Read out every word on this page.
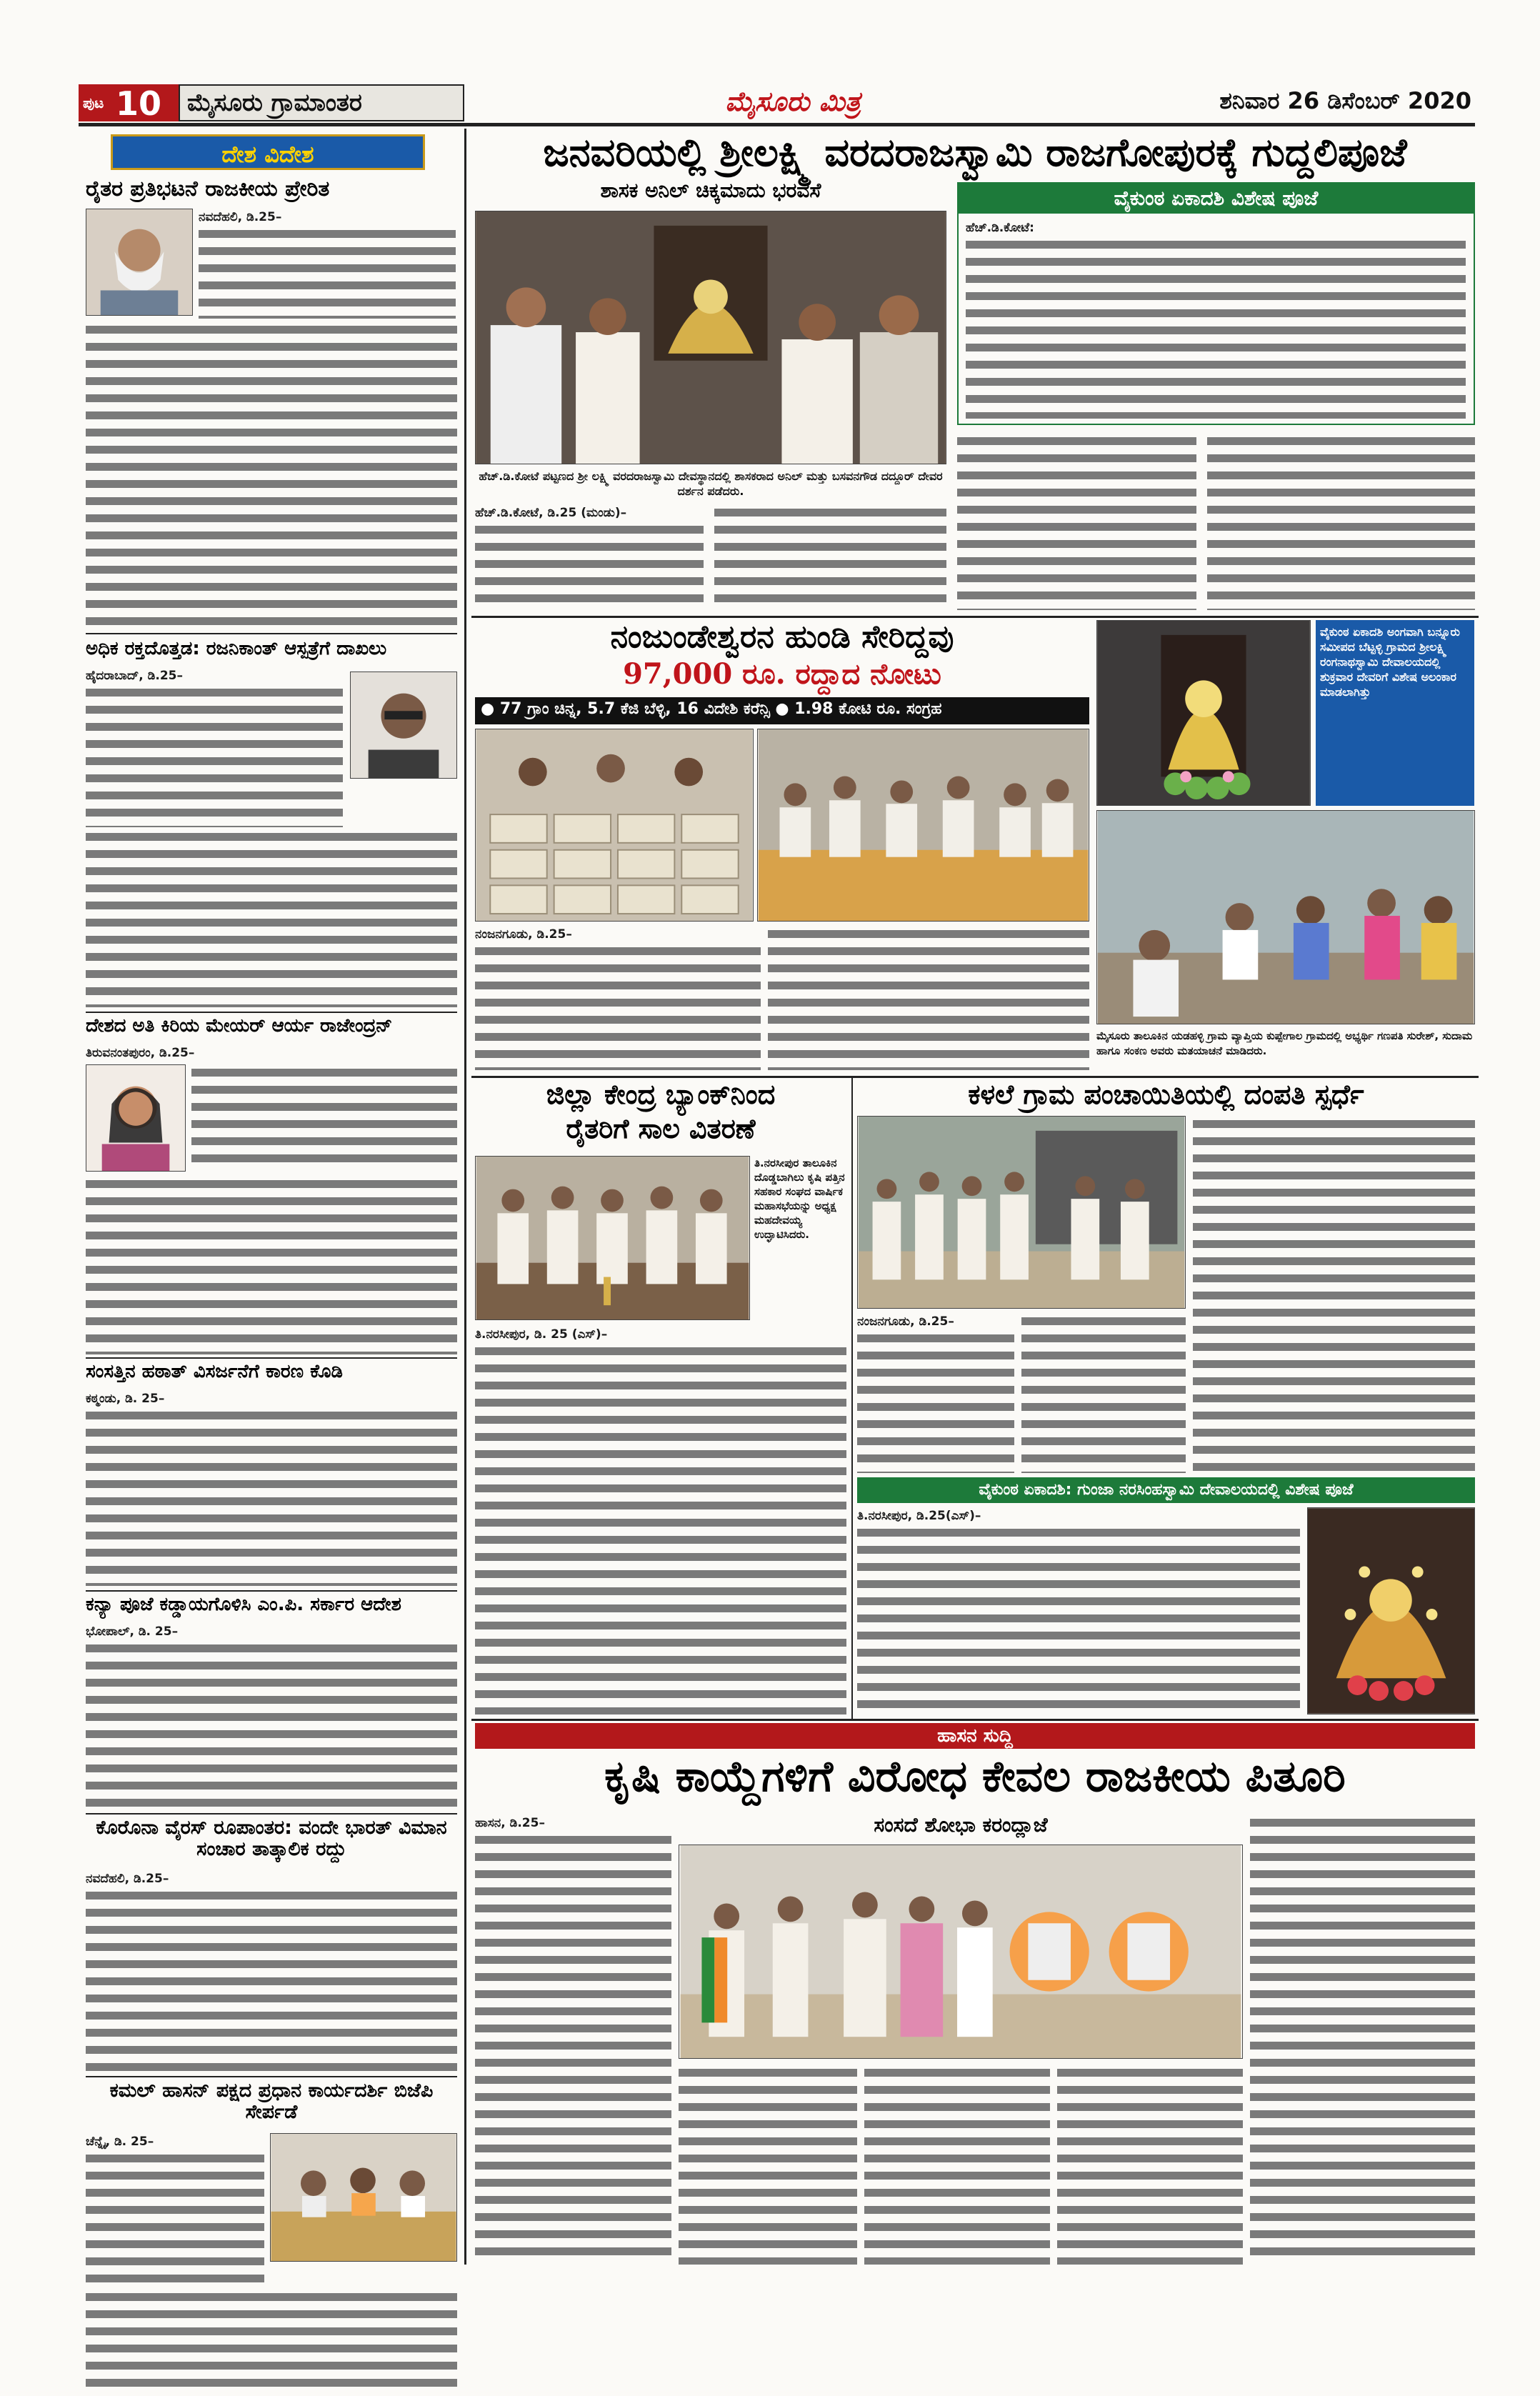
ಪುಟ 10 ಮೈಸೂರು ಗ್ರಾಮಾಂತರ	ಮೈಸೂರು ಮಿತ್ರ	ಶನಿವಾರ 26 ಡಿಸೆಂಬರ್ 2020
ದೇಶ ವಿದೇಶ
ರೈತರ ಪ್ರತಿಭಟನೆ ರಾಜಕೀಯ ಪ್ರೇರಿತ
ನವದೆಹಲಿ, ಡಿ.25–
ಅಧಿಕ ರಕ್ತದೊತ್ತಡ: ರಜನಿಕಾಂತ್ ಆಸ್ಪತ್ರೆಗೆ ದಾಖಲು
ಹೈದರಾಬಾದ್, ಡಿ.25–
ದೇಶದ ಅತಿ ಕಿರಿಯ ಮೇಯರ್ ಆರ್ಯ ರಾಜೇಂದ್ರನ್
ತಿರುವನಂತಪುರಂ, ಡಿ.25–
ಸಂಸತ್ತಿನ ಹಠಾತ್ ವಿಸರ್ಜನೆಗೆ ಕಾರಣ ಕೊಡಿ
ಕಠ್ಮಂಡು, ಡಿ. 25–
ಕನ್ಯಾ ಪೂಜೆ ಕಡ್ಡಾಯಗೊಳಿಸಿ ಎಂ.ಪಿ. ಸರ್ಕಾರ ಆದೇಶ
ಭೋಪಾಲ್, ಡಿ. 25–
ಕೊರೊನಾ ವೈರಸ್ ರೂಪಾಂತರ: ವಂದೇ ಭಾರತ್ ವಿಮಾನ ಸಂಚಾರ ತಾತ್ಕಾಲಿಕ ರದ್ದು
ನವದೆಹಲಿ, ಡಿ.25–
ಕಮಲ್ ಹಾಸನ್ ಪಕ್ಷದ ಪ್ರಧಾನ ಕಾರ್ಯದರ್ಶಿ ಬಿಜೆಪಿ ಸೇರ್ಪಡೆ
ಚೆನ್ನೈ, ಡಿ. 25–
ಜನವರಿಯಲ್ಲಿ ಶ್ರೀಲಕ್ಷ್ಮಿ ವರದರಾಜಸ್ವಾಮಿ ರಾಜಗೋಪುರಕ್ಕೆ ಗುದ್ದಲಿಪೂಜೆ
ಶಾಸಕ ಅನಿಲ್ ಚಿಕ್ಕಮಾದು ಭರವಸೆ
ಹೆಚ್.ಡಿ.ಕೋಟೆ ಪಟ್ಟಣದ ಶ್ರೀ ಲಕ್ಷ್ಮಿ ವರದರಾಜಸ್ವಾಮಿ ದೇವಸ್ಥಾನದಲ್ಲಿ ಶಾಸಕರಾದ ಅನಿಲ್ ಮತ್ತು ಬಸವನಗೌಡ ದದ್ದೂರ್ ದೇವರ ದರ್ಶನ ಪಡೆದರು.
ಹೆಚ್.ಡಿ.ಕೋಟೆ, ಡಿ.25 (ಮಂಡು)–
ವೈಕುಂಠ ಏಕಾದಶಿ ವಿಶೇಷ ಪೂಜೆ
ಹೆಚ್.ಡಿ.ಕೋಟೆ:
ನಂಜುಂಡೇಶ್ವರನ ಹುಂಡಿ ಸೇರಿದ್ದವು
97,000 ರೂ. ರದ್ದಾದ ನೋಟು
● 77 ಗ್ರಾಂ ಚಿನ್ನ, 5.7 ಕೆಜಿ ಬೆಳ್ಳಿ, 16 ವಿದೇಶಿ ಕರೆನ್ಸಿ ● 1.98 ಕೋಟಿ ರೂ. ಸಂಗ್ರಹ
ನಂಜನಗೂಡು, ಡಿ.25–
ವೈಕುಂಠ ಏಕಾದಶಿ ಅಂಗವಾಗಿ ಬನ್ನೂರು ಸಮೀಪದ ಬೆಟ್ಟಳ್ಳಿ ಗ್ರಾಮದ ಶ್ರೀಲಕ್ಷ್ಮಿ ರಂಗನಾಥಸ್ವಾಮಿ ದೇವಾಲಯದಲ್ಲಿ ಶುಕ್ರವಾರ ದೇವರಿಗೆ ವಿಶೇಷ ಅಲಂಕಾರ ಮಾಡಲಾಗಿತ್ತು
ಮೈಸೂರು ತಾಲೂಕಿನ ಯಡಹಳ್ಳಿ ಗ್ರಾಮ ವ್ಯಾಪ್ತಿಯ ಕುಪ್ಪೇಗಾಲ ಗ್ರಾಮದಲ್ಲಿ ಅಭ್ಯರ್ಥಿ ಗಣಪತಿ ಸುರೇಶ್, ಸುದಾಮ ಹಾಗೂ ಸಂಕಣ ಅವರು ಮತಯಾಚನೆ ಮಾಡಿದರು.
ಜಿಲ್ಲಾ ಕೇಂದ್ರ ಬ್ಯಾಂಕ್‌ನಿಂದ
ರೈತರಿಗೆ ಸಾಲ ವಿತರಣೆ
ತಿ.ನರಸೀಪುರ ತಾಲೂಕಿನ ದೊಡ್ಡಬಾಗಿಲು ಕೃಷಿ ಪತ್ತಿನ ಸಹಕಾರ ಸಂಘದ ವಾರ್ಷಿಕ ಮಹಾಸಭೆಯನ್ನು ಅಧ್ಯಕ್ಷ ಮಹದೇವಯ್ಯ ಉದ್ಘಾಟಿಸಿದರು.
ತಿ.ನರಸೀಪುರ, ಡಿ. 25 (ಎಸ್)–
ಕಳಲೆ ಗ್ರಾಮ ಪಂಚಾಯಿತಿಯಲ್ಲಿ ದಂಪತಿ ಸ್ಪರ್ಧೆ
ನಂಜನಗೂಡು, ಡಿ.25–
ವೈಕುಂಠ ಏಕಾದಶಿ: ಗುಂಜಾ ನರಸಿಂಹಸ್ವಾಮಿ ದೇವಾಲಯದಲ್ಲಿ ವಿಶೇಷ ಪೂಜೆ
ತಿ.ನರಸೀಪುರ, ಡಿ.25(ಎಸ್)–
ಹಾಸನ ಸುದ್ದಿ
ಕೃಷಿ ಕಾಯ್ದೆಗಳಿಗೆ ವಿರೋಧ ಕೇವಲ ರಾಜಕೀಯ ಪಿತೂರಿ
ಹಾಸನ, ಡಿ.25–	ಸಂಸದೆ ಶೋಭಾ ಕರಂದ್ಲಾಜೆ
